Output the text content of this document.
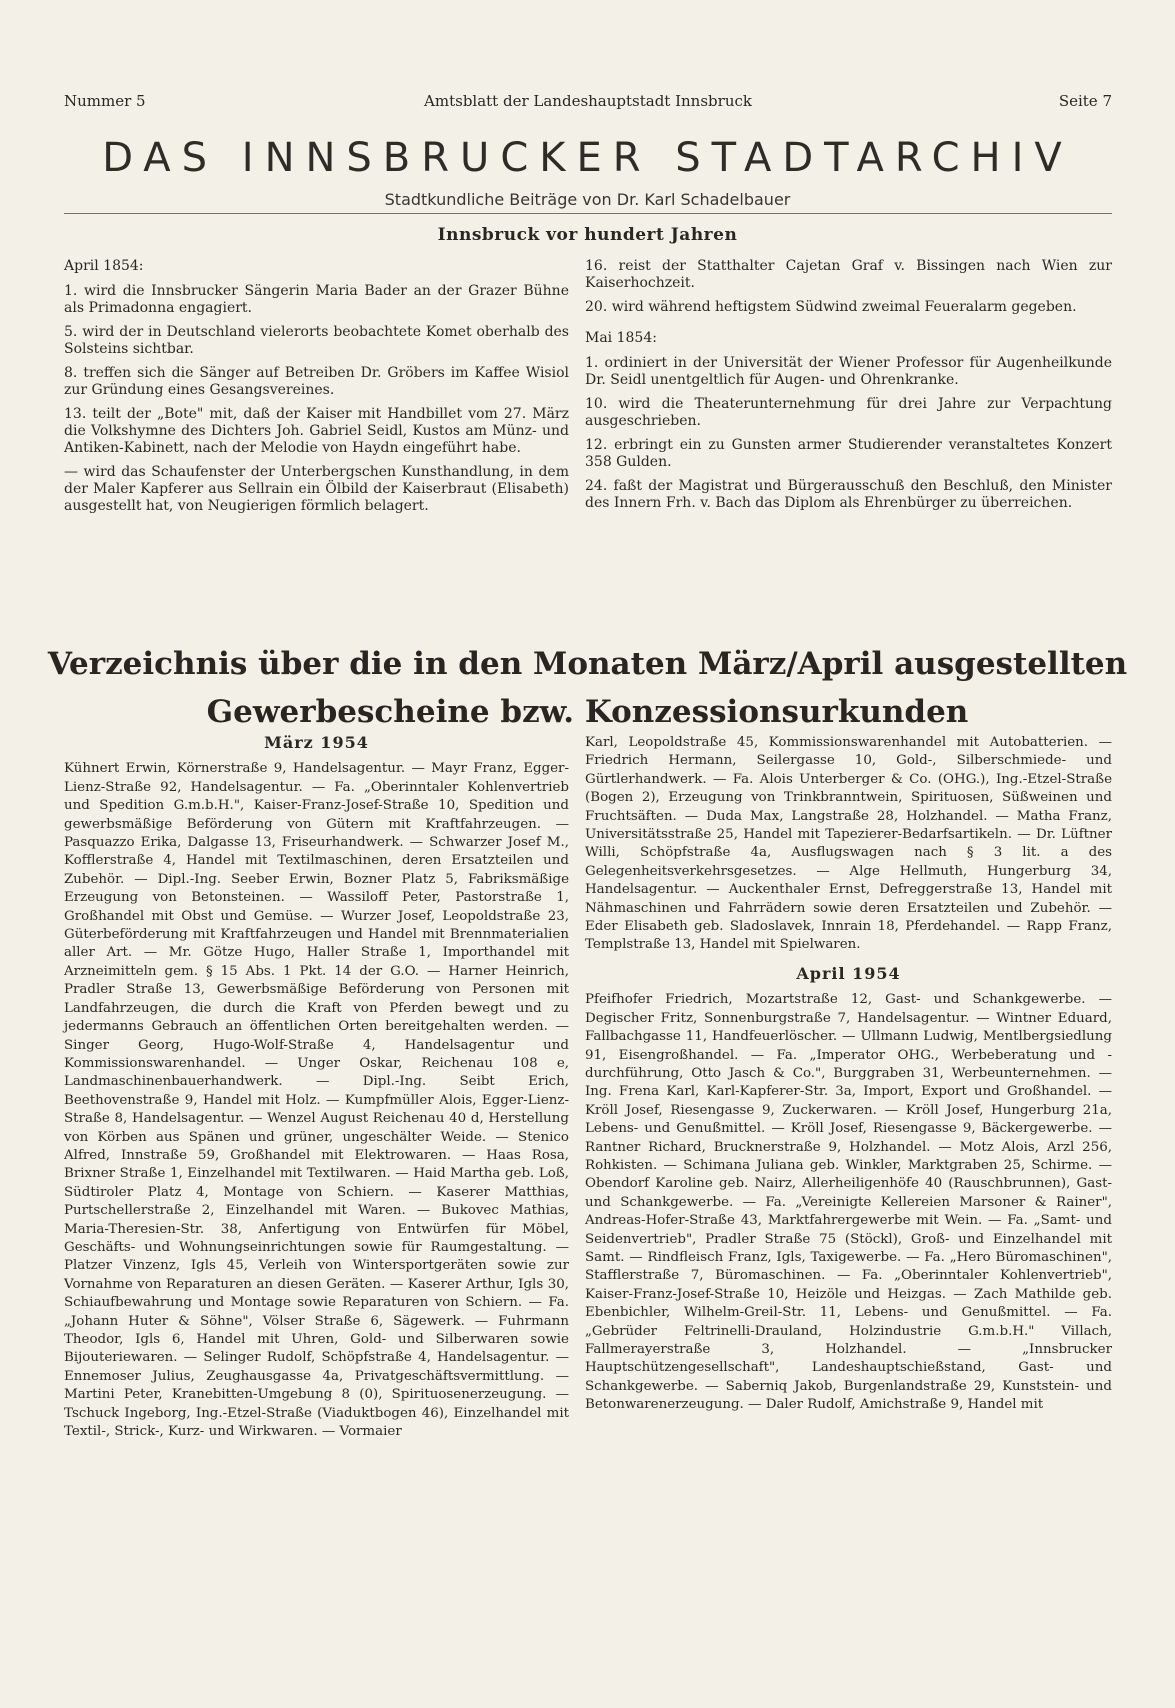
Nummer 5	Amtsblatt der Landeshauptstadt Innsbruck	Seite 7
DAS INNSBRUCKER STADTARCHIV
Stadtkundliche Beiträge von Dr. Karl Schadelbauer
Innsbruck vor hundert Jahren

April 1854:

1. wird die Innsbrucker Sängerin Maria Bader an der Grazer Bühne als Primadonna engagiert.

5. wird der in Deutschland vielerorts beobachtete Komet oberhalb des Solsteins sichtbar.

8. treffen sich die Sänger auf Betreiben Dr. Gröbers im Kaffee Wisiol zur Gründung eines Gesangsvereines.

13. teilt der „Bote" mit, daß der Kaiser mit Handbillet vom 27. März die Volkshymne des Dichters Joh. Gabriel Seidl, Kustos am Münz- und Antiken-Kabinett, nach der Melodie von Haydn eingeführt habe.

— wird das Schaufenster der Unterbergschen Kunsthandlung, in dem der Maler Kapferer aus Sellrain ein Ölbild der Kaiserbraut (Elisabeth) ausgestellt hat, von Neugierigen förmlich belagert.

16. reist der Statthalter Cajetan Graf v. Bissingen nach Wien zur Kaiserhochzeit.

20. wird während heftigstem Südwind zweimal Feueralarm gegeben.

Mai 1854:

1. ordiniert in der Universität der Wiener Professor für Augenheilkunde Dr. Seidl unentgeltlich für Augen- und Ohrenkranke.

10. wird die Theaterunternehmung für drei Jahre zur Verpachtung ausgeschrieben.

12. erbringt ein zu Gunsten armer Studierender veranstaltetes Konzert 358 Gulden.

24. faßt der Magistrat und Bürgerausschuß den Beschluß, den Minister des Innern Frh. v. Bach das Diplom als Ehrenbürger zu überreichen.

Verzeichnis über die in den Monaten März/April ausgestellten
Gewerbescheine bzw. Konzessionsurkunden

März 1954

Kühnert Erwin, Körnerstraße 9, Handelsagentur. — Mayr Franz, Egger-Lienz-Straße 92, Handelsagentur. — Fa. „Oberinntaler Kohlenvertrieb und Spedition G.m.b.H.", Kaiser-Franz-Josef-Straße 10, Spedition und gewerbsmäßige Beförderung von Gütern mit Kraftfahrzeugen. — Pasquazzo Erika, Dalgasse 13, Friseurhandwerk. — Schwarzer Josef M., Kofflerstraße 4, Handel mit Textilmaschinen, deren Ersatzteilen und Zubehör. — Dipl.-Ing. Seeber Erwin, Bozner Platz 5, Fabriksmäßige Erzeugung von Betonsteinen. — Wassiloff Peter, Pastorstraße 1, Großhandel mit Obst und Gemüse. — Wurzer Josef, Leopoldstraße 23, Güterbeförderung mit Kraftfahrzeugen und Handel mit Brennmaterialien aller Art. — Mr. Götze Hugo, Haller Straße 1, Importhandel mit Arzneimitteln gem. § 15 Abs. 1 Pkt. 14 der G.O. — Harner Heinrich, Pradler Straße 13, Gewerbsmäßige Beförderung von Personen mit Landfahrzeugen, die durch die Kraft von Pferden bewegt und zu jedermanns Gebrauch an öffentlichen Orten bereitgehalten werden. — Singer Georg, Hugo-Wolf-Straße 4, Handelsagentur und Kommissionswarenhandel. — Unger Oskar, Reichenau 108 e, Landmaschinenbauerhandwerk. — Dipl.-Ing. Seibt Erich, Beethovenstraße 9, Handel mit Holz. — Kumpfmüller Alois, Egger-Lienz-Straße 8, Handelsagentur. — Wenzel August Reichenau 40 d, Herstellung von Körben aus Spänen und grüner, ungeschälter Weide. — Stenico Alfred, Innstraße 59, Großhandel mit Elektrowaren. — Haas Rosa, Brixner Straße 1, Einzelhandel mit Textilwaren. — Haid Martha geb. Loß, Südtiroler Platz 4, Montage von Schiern. — Kaserer Matthias, Purtschellerstraße 2, Einzelhandel mit Waren. — Bukovec Mathias, Maria-Theresien-Str. 38, Anfertigung von Entwürfen für Möbel, Geschäfts- und Wohnungseinrichtungen sowie für Raumgestaltung. — Platzer Vinzenz, Igls 45, Verleih von Wintersportgeräten sowie zur Vornahme von Reparaturen an diesen Geräten. — Kaserer Arthur, Igls 30, Schiaufbewahrung und Montage sowie Reparaturen von Schiern. — Fa. „Johann Huter & Söhne", Völser Straße 6, Sägewerk. — Fuhrmann Theodor, Igls 6, Handel mit Uhren, Gold- und Silberwaren sowie Bijouteriewaren. — Selinger Rudolf, Schöpfstraße 4, Handelsagentur. — Ennemoser Julius, Zeughausgasse 4a, Privatgeschäftsvermittlung. — Martini Peter, Kranebitten-Umgebung 8 (0), Spirituosenerzeugung. — Tschuck Ingeborg, Ing.-Etzel-Straße (Viaduktbogen 46), Einzelhandel mit Textil-, Strick-, Kurz- und Wirkwaren. — Vormaier

Karl, Leopoldstraße 45, Kommissionswarenhandel mit Autobatterien. — Friedrich Hermann, Seilergasse 10, Gold-, Silberschmiede- und Gürtlerhandwerk. — Fa. Alois Unterberger & Co. (OHG.), Ing.-Etzel-Straße (Bogen 2), Erzeugung von Trinkbranntwein, Spirituosen, Süßweinen und Fruchtsäften. — Duda Max, Langstraße 28, Holzhandel. — Matha Franz, Universitätsstraße 25, Handel mit Tapezierer-Bedarfsartikeln. — Dr. Lüftner Willi, Schöpfstraße 4a, Ausflugswagen nach § 3 lit. a des Gelegenheitsverkehrsgesetzes. — Alge Hellmuth, Hungerburg 34, Handelsagentur. — Auckenthaler Ernst, Defreggerstraße 13, Handel mit Nähmaschinen und Fahrrädern sowie deren Ersatzteilen und Zubehör. — Eder Elisabeth geb. Sladoslavek, Innrain 18, Pferdehandel. — Rapp Franz, Templstraße 13, Handel mit Spielwaren.

April 1954

Pfeifhofer Friedrich, Mozartstraße 12, Gast- und Schankgewerbe. — Degischer Fritz, Sonnenburgstraße 7, Handelsagentur. — Wintner Eduard, Fallbachgasse 11, Handfeuerlöscher. — Ullmann Ludwig, Mentlbergsiedlung 91, Eisengroßhandel. — Fa. „Imperator OHG., Werbeberatung und -durchführung, Otto Jasch & Co.", Burggraben 31, Werbeunternehmen. — Ing. Frena Karl, Karl-Kapferer-Str. 3a, Import, Export und Großhandel. — Kröll Josef, Riesengasse 9, Zuckerwaren. — Kröll Josef, Hungerburg 21a, Lebens- und Genußmittel. — Kröll Josef, Riesengasse 9, Bäckergewerbe. — Rantner Richard, Brucknerstraße 9, Holzhandel. — Motz Alois, Arzl 256, Rohkisten. — Schimana Juliana geb. Winkler, Marktgraben 25, Schirme. — Obendorf Karoline geb. Nairz, Allerheiligenhöfe 40 (Rauschbrunnen), Gast- und Schankgewerbe. — Fa. „Vereinigte Kellereien Marsoner & Rainer", Andreas-Hofer-Straße 43, Marktfahrergewerbe mit Wein. — Fa. „Samt- und Seidenvertrieb", Pradler Straße 75 (Stöckl), Groß- und Einzelhandel mit Samt. — Rindfleisch Franz, Igls, Taxigewerbe. — Fa. „Hero Büromaschinen", Stafflerstraße 7, Büromaschinen. — Fa. „Oberinntaler Kohlenvertrieb", Kaiser-Franz-Josef-Straße 10, Heizöle und Heizgas. — Zach Mathilde geb. Ebenbichler, Wilhelm-Greil-Str. 11, Lebens- und Genußmittel. — Fa. „Gebrüder Feltrinelli-Drauland, Holzindustrie G.m.b.H." Villach, Fallmerayerstraße 3, Holzhandel. — „Innsbrucker Hauptschützengesellschaft", Landeshauptschießstand, Gast- und Schankgewerbe. — Saberniq Jakob, Burgenlandstraße 29, Kunststein- und Betonwarenerzeugung. — Daler Rudolf, Amichstraße 9, Handel mit
